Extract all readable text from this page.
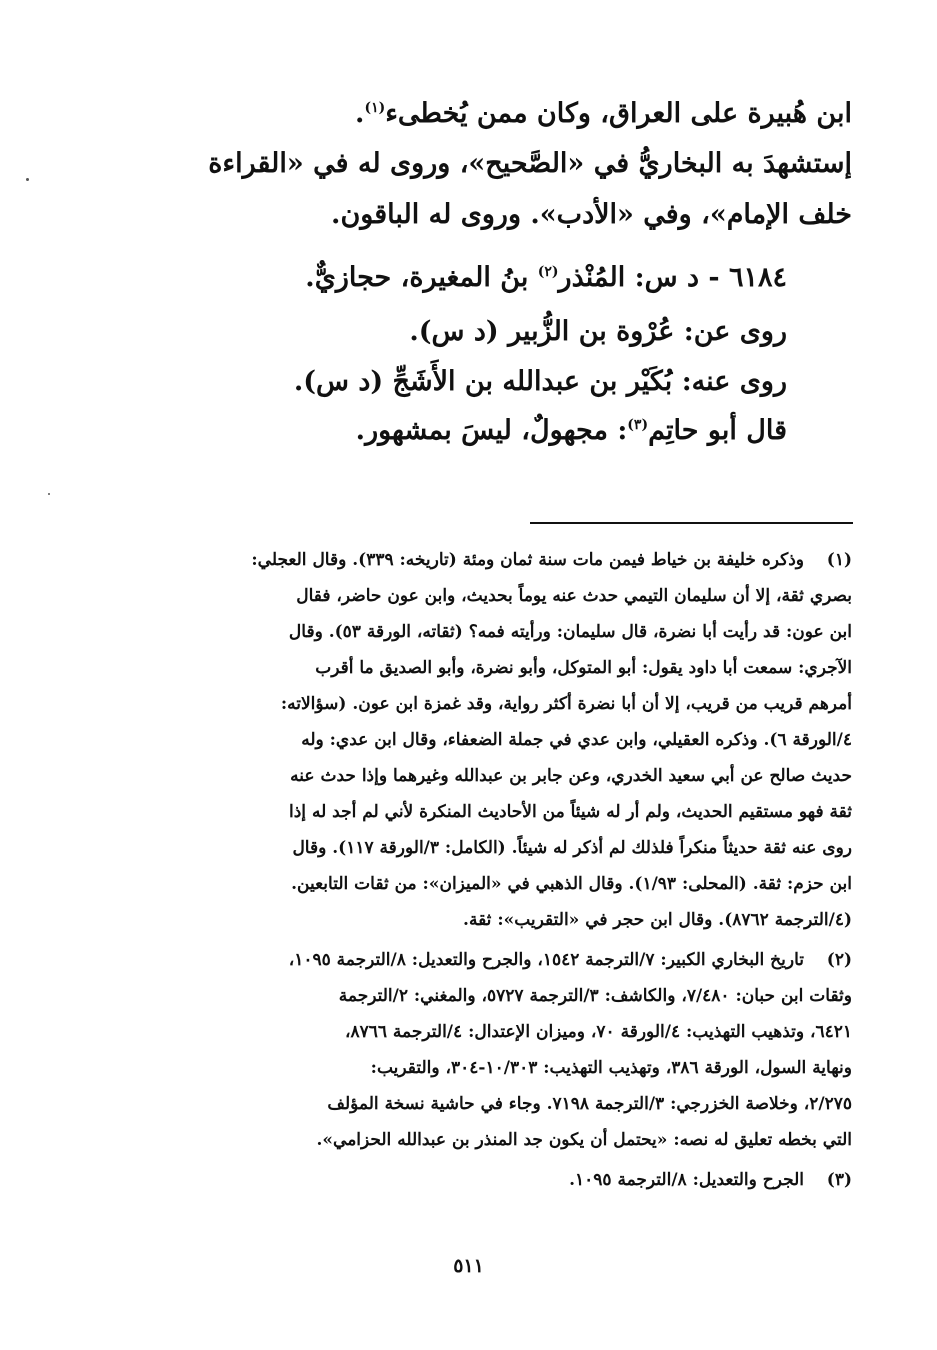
ابن هُبيرة على العراق، وكان ممن يُخطىء$^{(١)}$.
إستشهدَ به البخاريُّ في «الصَّحيح»، وروى له في «القراءة
خلف الإمام»، وفي «الأدب». وروى له الباقون.
٦١٨٤ - د س: المُنْذر$^{(٢)}$ بنُ المغيرة، حجازيٌّ.
روى عن: عُرْوة بن الزُّبير (د س).
روى عنه: بُكَيْر بن عبدالله بن الأَشَجِّ (د س).
قال أبو حاتِم$^{(٣)}$: مجهولٌ، ليسَ بمشهور.
(١)
وذكره خليفة بن خياط فيمن مات سنة ثمان ومئة (تاريخه: ٣٣٩). وقال العجلي:
بصري ثقة، إلا أن سليمان التيمي حدث عنه يوماً بحديث، وابن عون حاضر، فقال
ابن عون: قد رأيت أبا نضرة، قال سليمان: ورأيته فمه؟ (ثقاته، الورقة ٥٣). وقال
الآجري: سمعت أبا داود يقول: أبو المتوكل، وأبو نضرة، وأبو الصديق ما أقرب
أمرهم قريب من قريب، إلا أن أبا نضرة أكثر رواية، وقد غمزة ابن عون. (سؤالاته:
٤/الورقة ٦). وذكره العقيلي، وابن عدي في جملة الضعفاء، وقال ابن عدي: وله
حديث صالح عن أبي سعيد الخدري، وعن جابر بن عبدالله وغيرهما وإذا حدث عنه
ثقة فهو مستقيم الحديث، ولم أر له شيئاً من الأحاديث المنكرة لأني لم أجد له إذا
روى عنه ثقة حديثاً منكراً فلذلك لم أذكر له شيئاً. (الكامل: ٣/الورقة ١١٧). وقال
ابن حزم: ثقة. (المحلى: ١/٩٣). وقال الذهبي في «الميزان»: من ثقات التابعين.
(٤/الترجمة ٨٧٦٢). وقال ابن حجر في «التقريب»: ثقة.
(٢)
تاريخ البخاري الكبير: ٧/الترجمة ١٥٤٢، والجرح والتعديل: ٨/الترجمة ١٠٩٥،
وثقات ابن حبان: ٧/٤٨٠، والكاشف: ٣/الترجمة ٥٧٢٧، والمغني: ٢/الترجمة
٦٤٢١، وتذهيب التهذيب: ٤/الورقة ٧٠، وميزان الإعتدال: ٤/الترجمة ٨٧٦٦،
ونهاية السول، الورقة ٣٨٦، وتهذيب التهذيب: ١٠/٣٠٣-٣٠٤، والتقريب:
٢/٢٧٥، وخلاصة الخزرجي: ٣/الترجمة ٧١٩٨. وجاء في حاشية نسخة المؤلف
التي بخطه تعليق له نصه: «يحتمل أن يكون جد المنذر بن عبدالله الحزامي».
(٣)
الجرح والتعديل: ٨/الترجمة ١٠٩٥.
٥١١
